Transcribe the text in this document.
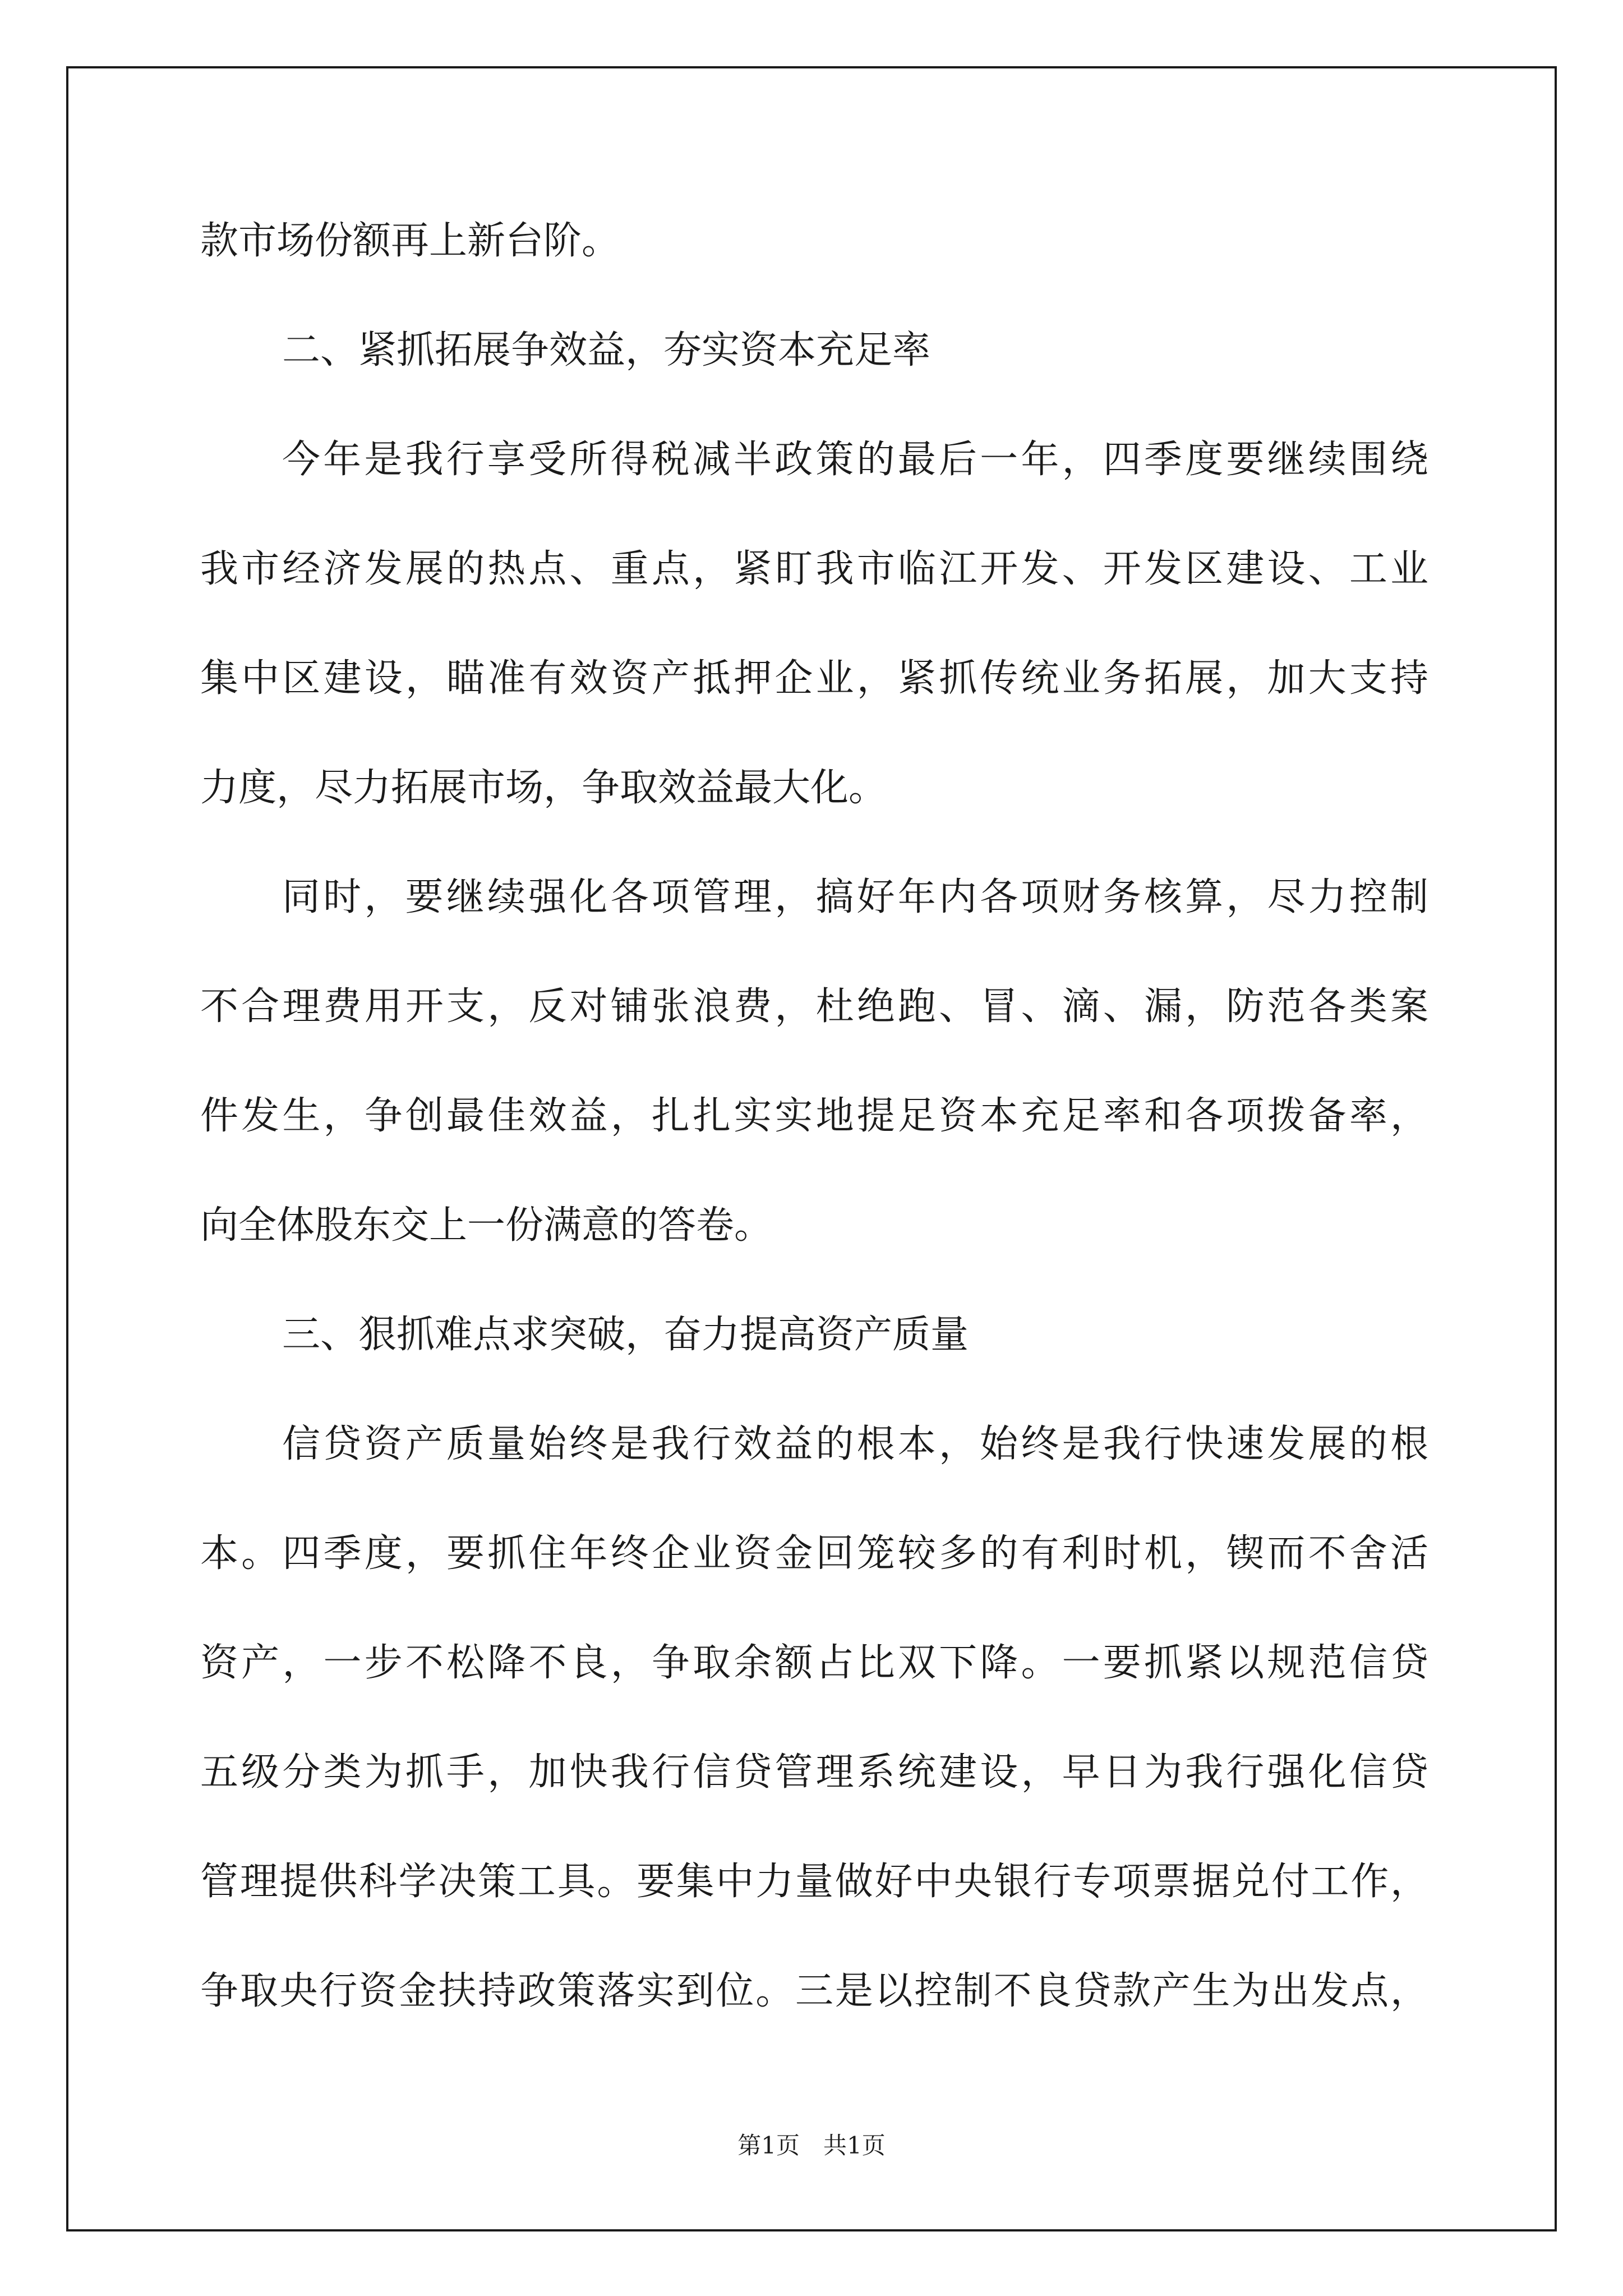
款市场份额再上新台阶。
二、紧抓拓展争效益，夯实资本充足率
今年是我行享受所得税减半政策的最后一年，四季度要继续围绕
我市经济发展的热点、重点，紧盯我市临江开发、开发区建设、工业
集中区建设，瞄准有效资产抵押企业，紧抓传统业务拓展，加大支持
力度，尽力拓展市场，争取效益最大化。
同时，要继续强化各项管理，搞好年内各项财务核算，尽力控制
不合理费用开支，反对铺张浪费，杜绝跑、冒、滴、漏，防范各类案
件发生，争创最佳效益，扎扎实实地提足资本充足率和各项拨备率，
向全体股东交上一份满意的答卷。
三、狠抓难点求突破，奋力提高资产质量
信贷资产质量始终是我行效益的根本，始终是我行快速发展的根
本。四季度，要抓住年终企业资金回笼较多的有利时机，锲而不舍活
资产，一步不松降不良，争取余额占比双下降。一要抓紧以规范信贷
五级分类为抓手，加快我行信贷管理系统建设，早日为我行强化信贷
管理提供科学决策工具。要集中力量做好中央银行专项票据兑付工作，
争取央行资金扶持政策落实到位。三是以控制不良贷款产生为出发点，
第1页　共1页
